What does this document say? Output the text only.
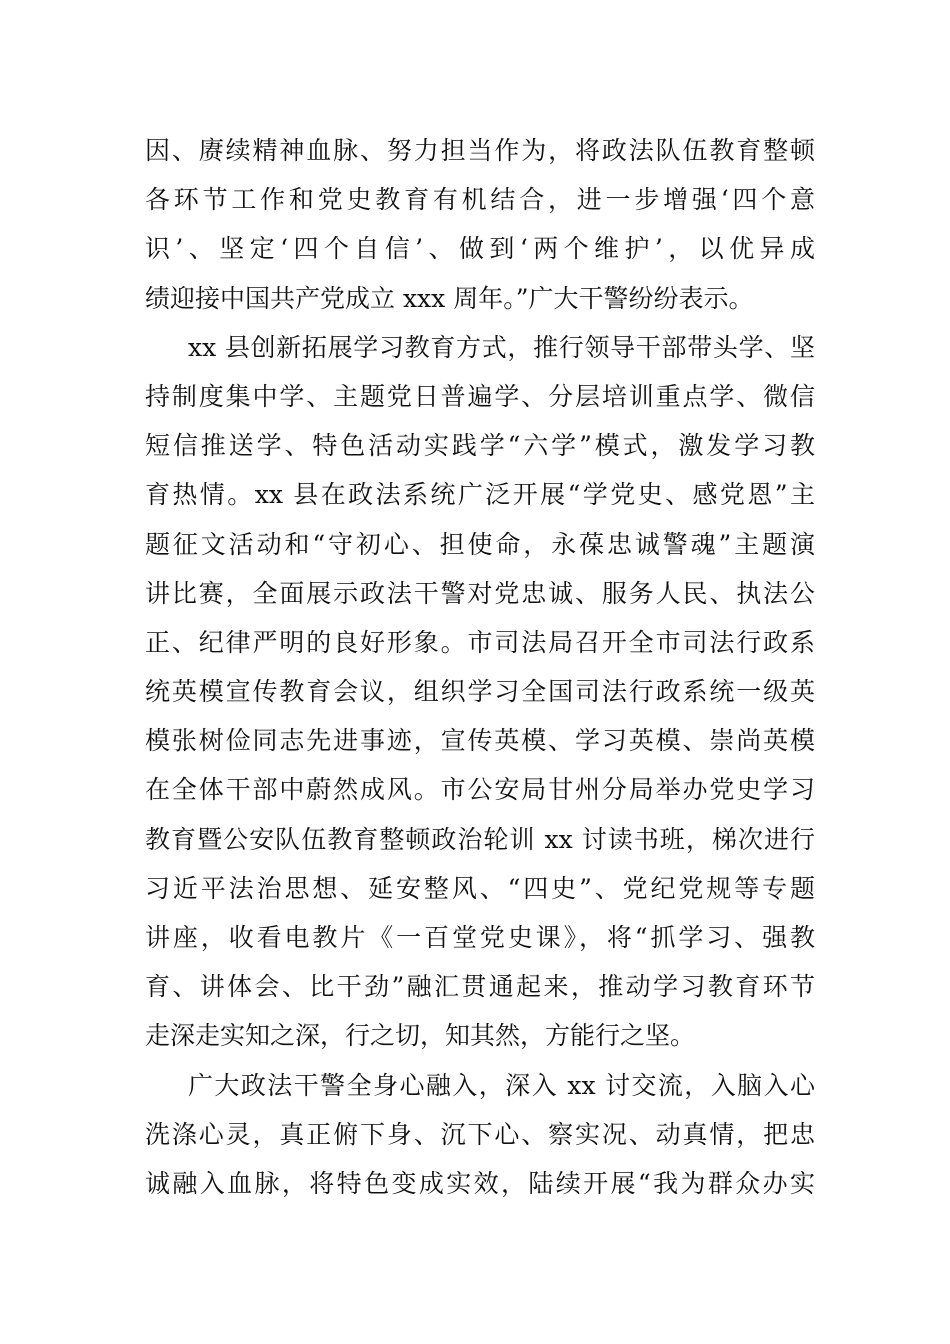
因、赓续精神血脉、努力担当作为，将政法队伍教育整顿
各环节工作和党史教育有机结合，进一步增强‘四个意
识’、坚定‘四个自信’、做到‘两个维护’，以优异成
绩迎接中国共产党成立 xxx 周年。”广大干警纷纷表示。
xx 县创新拓展学习教育方式，推行领导干部带头学、坚
持制度集中学、主题党日普遍学、分层培训重点学、微信
短信推送学、特色活动实践学“六学”模式，激发学习教
育热情。xx 县在政法系统广泛开展“学党史、感党恩”主
题征文活动和“守初心、担使命，永葆忠诚警魂”主题演
讲比赛，全面展示政法干警对党忠诚、服务人民、执法公
正、纪律严明的良好形象。市司法局召开全市司法行政系
统英模宣传教育会议，组织学习全国司法行政系统一级英
模张树俭同志先进事迹，宣传英模、学习英模、崇尚英模
在全体干部中蔚然成风。市公安局甘州分局举办党史学习
教育暨公安队伍教育整顿政治轮训 xx 讨读书班，梯次进行
习近平法治思想、延安整风、“四史”、党纪党规等专题
讲座，收看电教片《一百堂党史课》，将“抓学习、强教
育、讲体会、比干劲”融汇贯通起来，推动学习教育环节
走深走实知之深，行之切，知其然，方能行之坚。
广大政法干警全身心融入，深入 xx 讨交流，入脑入心
洗涤心灵，真正俯下身、沉下心、察实况、动真情，把忠
诚融入血脉，将特色变成实效，陆续开展“我为群众办实
